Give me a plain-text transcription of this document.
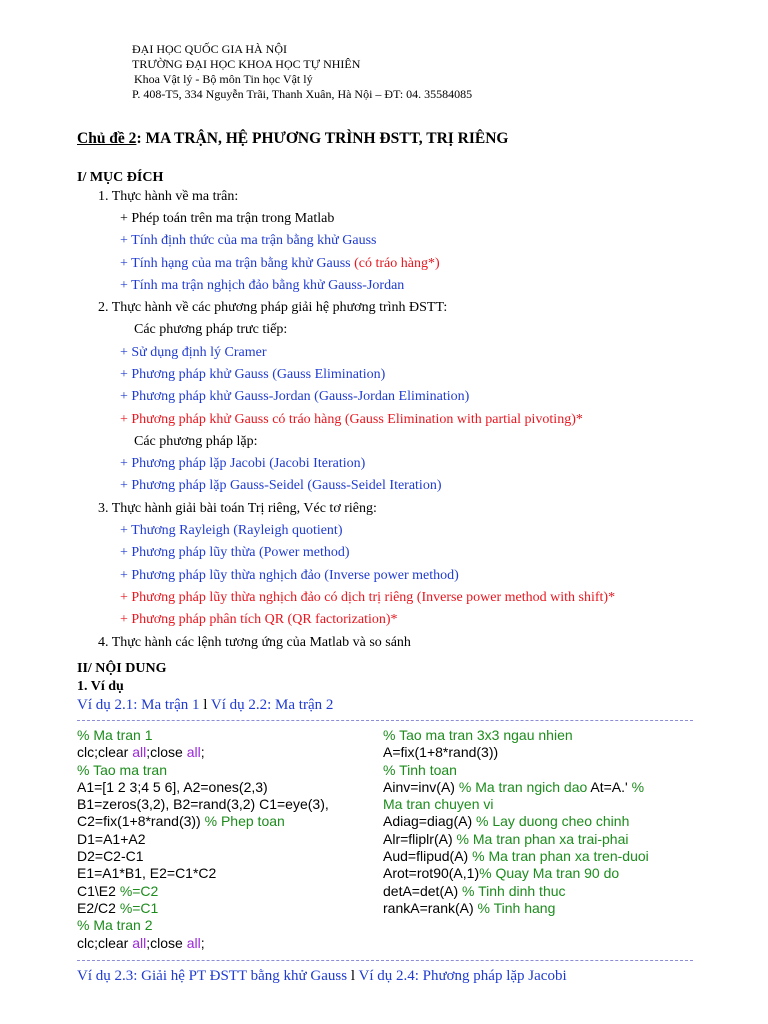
ĐẠI HỌC QUỐC GIA HÀ NỘI
TRƯỜNG ĐẠI HỌC KHOA HỌC TỰ NHIÊN
Khoa Vật lý - Bộ môn Tin học Vật lý
P. 408-T5, 334 Nguyễn Trãi, Thanh Xuân, Hà Nội – ĐT: 04. 35584085
Chủ đề 2: MA TRẬN, HỆ PHƯƠNG TRÌNH ĐSTT, TRỊ RIÊNG
I/ MỤC ĐÍCH
1. Thực hành về ma trân:
+ Phép toán trên ma trận trong Matlab
+ Tính định thức của ma trận bằng khử Gauss
+ Tính hạng của ma trận bằng khử Gauss (có tráo hàng*)
+ Tính ma trận nghịch đảo bằng khử Gauss-Jordan
2. Thực hành về các phương pháp giải hệ phương trình ĐSTT:
Các phương pháp trưc tiếp:
+ Sử dụng định lý Cramer
+ Phương pháp khử Gauss (Gauss Elimination)
+ Phương pháp khử Gauss-Jordan (Gauss-Jordan Elimination)
+ Phương pháp khử Gauss có tráo hàng (Gauss Elimination with partial pivoting)*
Các phương pháp lặp:
+ Phương pháp lặp Jacobi (Jacobi Iteration)
+ Phương pháp lặp Gauss-Seidel (Gauss-Seidel Iteration)
3. Thực hành giải bài toán Trị riêng, Véc tơ riêng:
+ Thương Rayleigh (Rayleigh quotient)
+ Phương pháp lũy thừa (Power method)
+ Phương pháp lũy thừa nghịch đảo (Inverse power method)
+ Phương pháp lũy thừa nghịch đảo có dịch trị riêng (Inverse power method with shift)*
+ Phương pháp phân tích QR (QR factorization)*
4. Thực hành các lệnh tương ứng của Matlab và so sánh
II/ NỘI DUNG
1. Ví dụ
Ví dụ 2.1: Ma trận 1 l Ví dụ 2.2: Ma trận 2
% Ma tran 1
clc;clear all;close all;
% Tao ma tran
A1=[1 2 3;4 5 6], A2=ones(2,3)
B1=zeros(3,2), B2=rand(3,2) C1=eye(3),
C2=fix(1+8*rand(3)) % Phep toan
D1=A1+A2
D2=C2-C1
E1=A1*B1, E2=C1*C2
C1\E2 %=C2
E2/C2 %=C1
% Ma tran 2
clc;clear all;close all;
% Tao ma tran 3x3 ngau nhien
A=fix(1+8*rand(3))
% Tinh toan
Ainv=inv(A) % Ma tran ngich dao At=A.' %
Ma tran chuyen vi
Adiag=diag(A) % Lay duong cheo chinh
Alr=fliplr(A) % Ma tran phan xa trai-phai
Aud=flipud(A) % Ma tran phan xa tren-duoi
Arot=rot90(A,1)% Quay Ma tran 90 do
detA=det(A) % Tinh dinh thuc
rankA=rank(A) % Tinh hang
Ví dụ 2.3: Giải hệ PT ĐSTT bằng khử Gauss l Ví dụ 2.4: Phương pháp lặp Jacobi
